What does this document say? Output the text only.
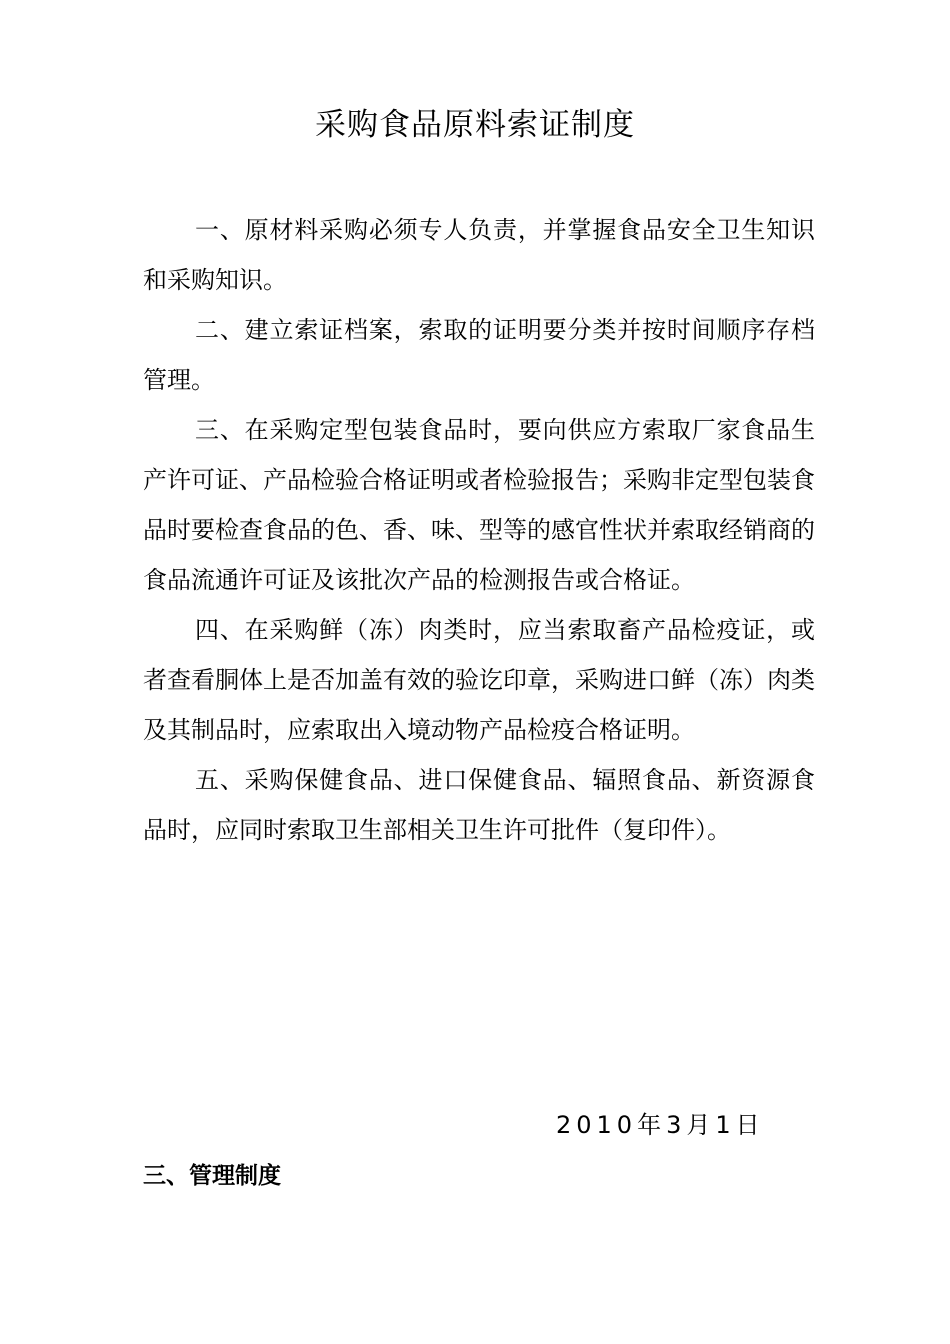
采购食品原料索证制度

一、原材料采购必须专人负责，并掌握食品安全卫生知识和采购知识。

二、建立索证档案，索取的证明要分类并按时间顺序存档管理。

三、在采购定型包装食品时，要向供应方索取厂家食品生产许可证、产品检验合格证明或者检验报告；采购非定型包装食品时要检查食品的色、香、味、型等的感官性状并索取经销商的食品流通许可证及该批次产品的检测报告或合格证。

四、在采购鲜（冻）肉类时，应当索取畜产品检疫证，或者查看胴体上是否加盖有效的验讫印章，采购进口鲜（冻）肉类及其制品时，应索取出入境动物产品检疫合格证明。

五、采购保健食品、进口保健食品、辐照食品、新资源食品时，应同时索取卫生部相关卫生许可批件（复印件）。

2010年3月1日
三、管理制度
